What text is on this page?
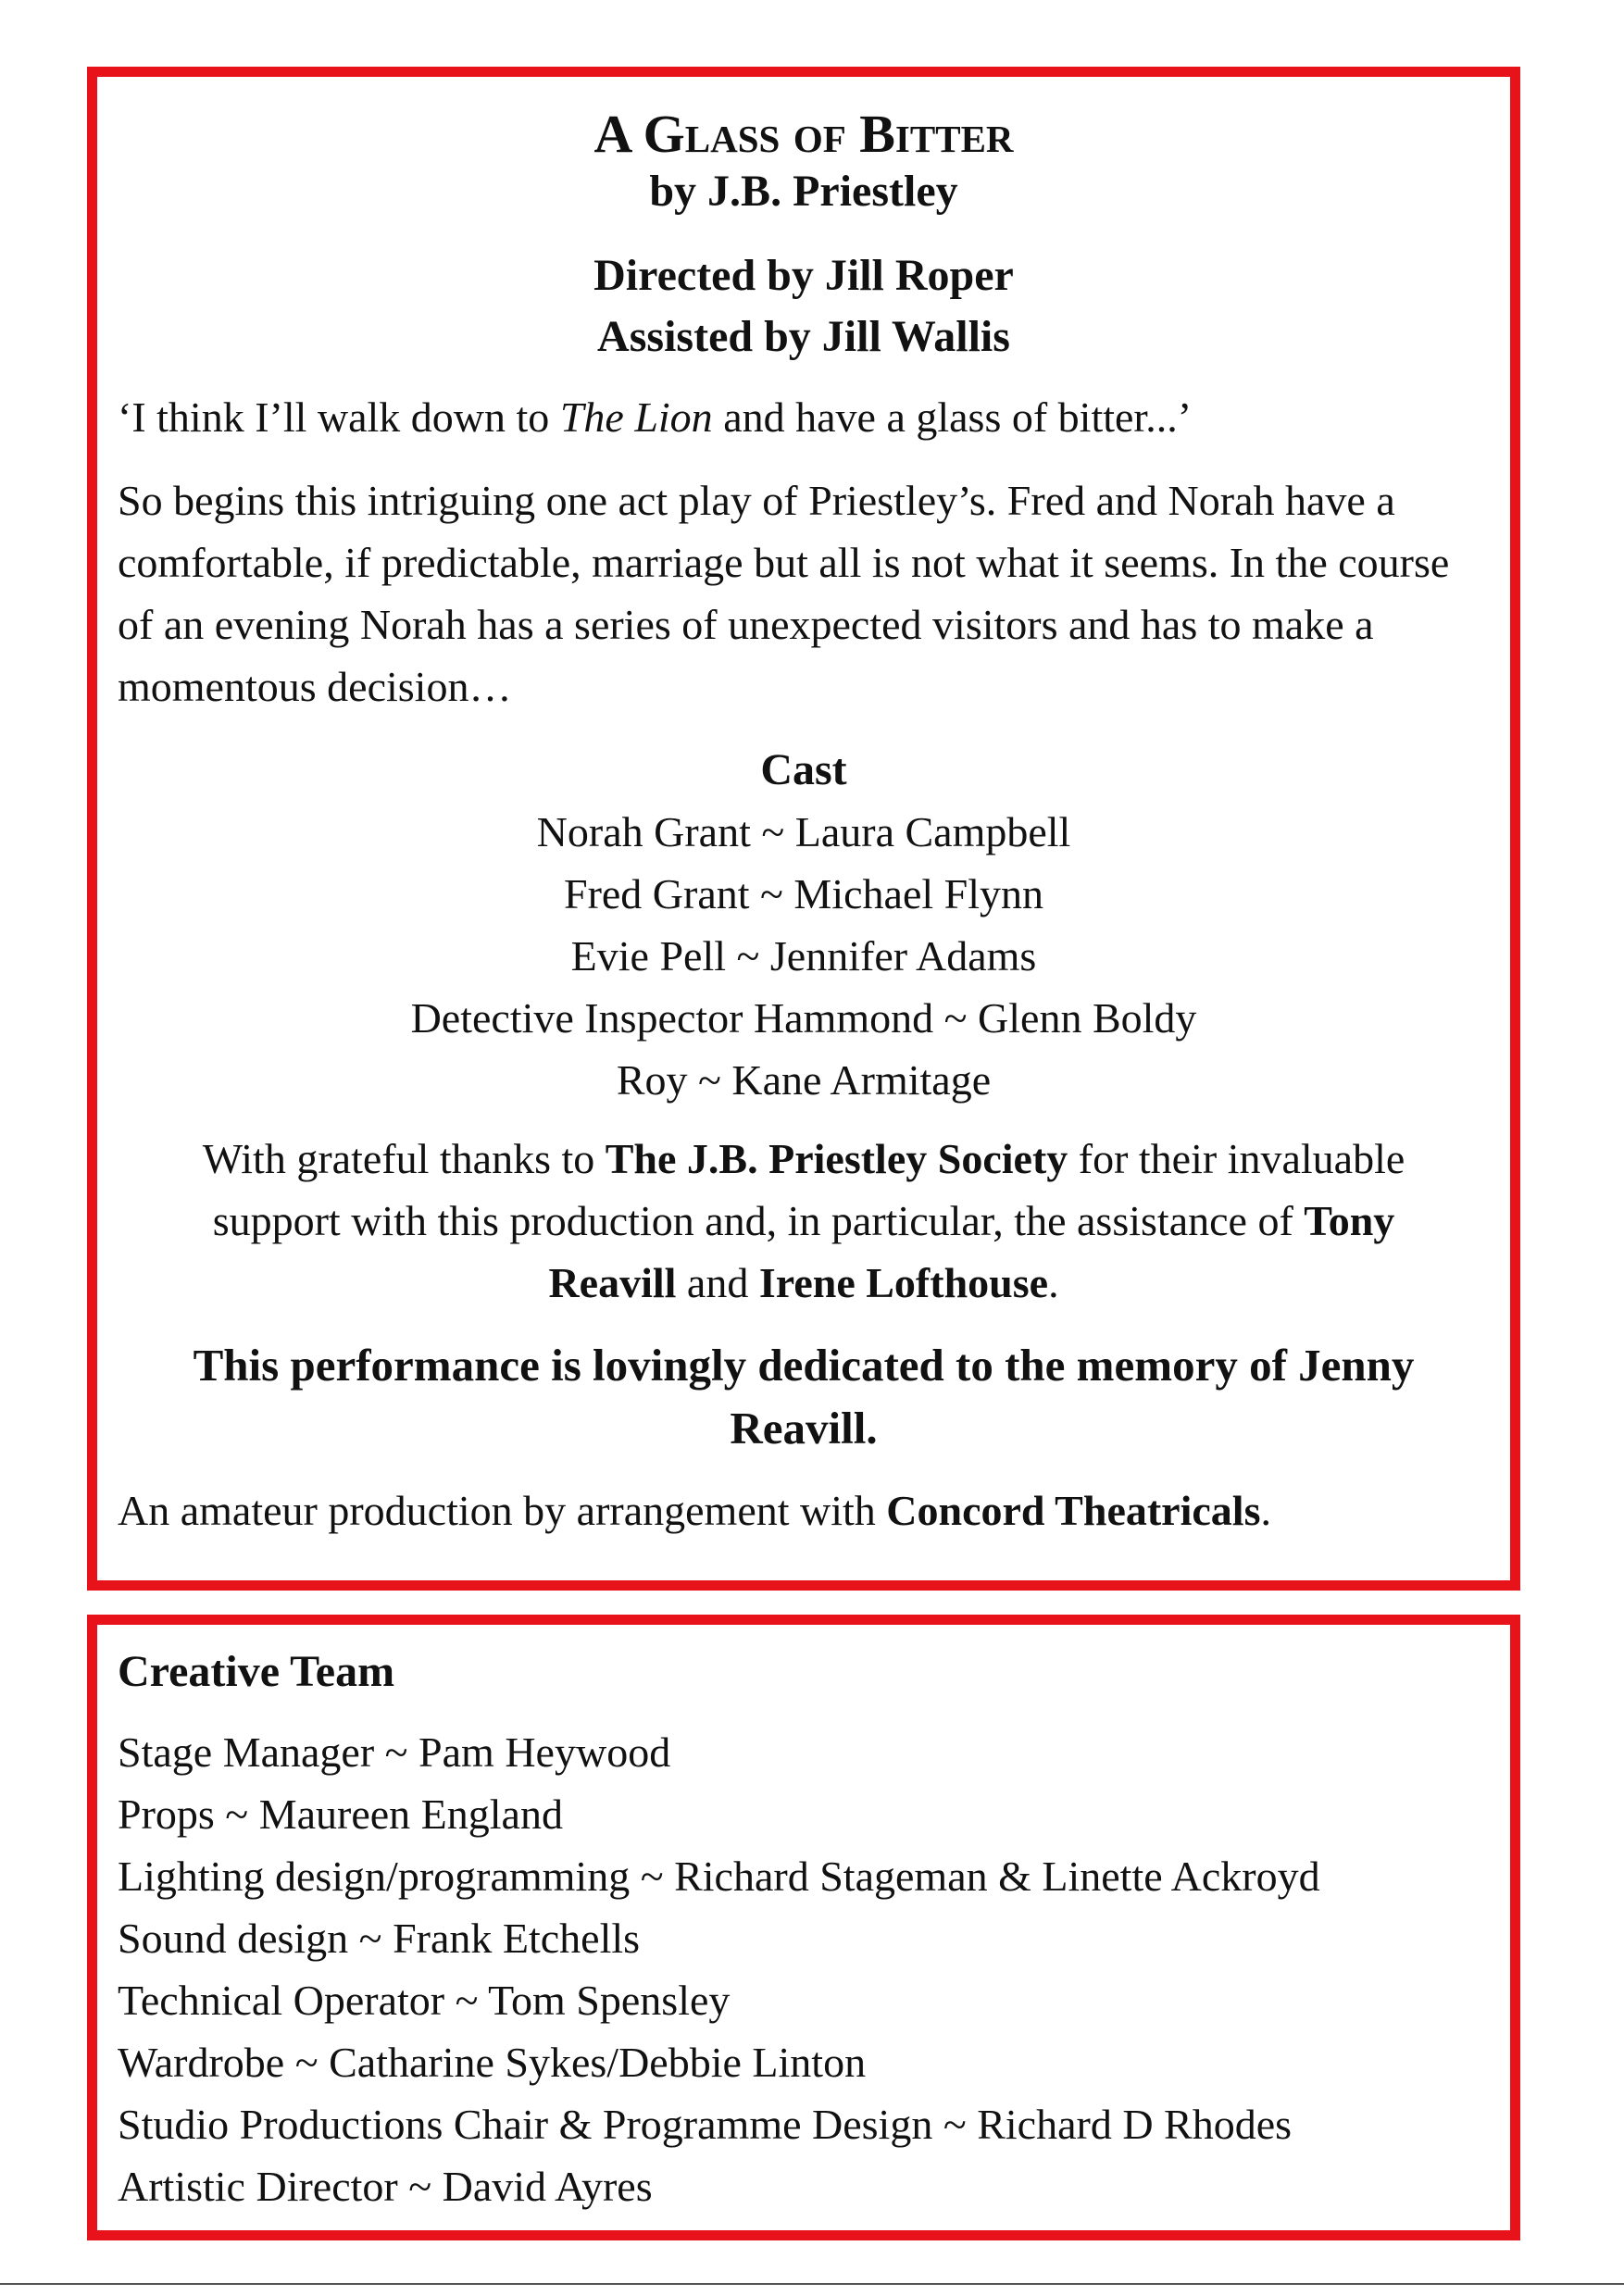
A Glass of Bitter

by J.B. Priestley

Directed by Jill Roper

Assisted by Jill Wallis

‘I think I’ll walk down to The Lion and have a glass of bitter...’

So begins this intriguing one act play of Priestley’s. Fred and Norah have a comfortable, if predictable, marriage but all is not what it seems. In the course of an evening Norah has a series of unexpected visitors and has to make a momentous decision…

Cast

Norah Grant ~ Laura Campbell

Fred Grant ~ Michael Flynn

Evie Pell ~ Jennifer Adams

Detective Inspector Hammond ~ Glenn Boldy

Roy ~ Kane Armitage

With grateful thanks to The J.B. Priestley Society for their invaluable support with this production and, in particular, the assistance of Tony Reavill and Irene Lofthouse.

This performance is lovingly dedicated to the memory of Jenny Reavill.

An amateur production by arrangement with Concord Theatricals.

Creative Team

Stage Manager ~ Pam Heywood

Props ~ Maureen England

Lighting design/programming ~ Richard Stageman & Linette Ackroyd

Sound design ~ Frank Etchells

Technical Operator ~ Tom Spensley

Wardrobe ~ Catharine Sykes/Debbie Linton

Studio Productions Chair & Programme Design ~ Richard D Rhodes

Artistic Director ~ David Ayres
